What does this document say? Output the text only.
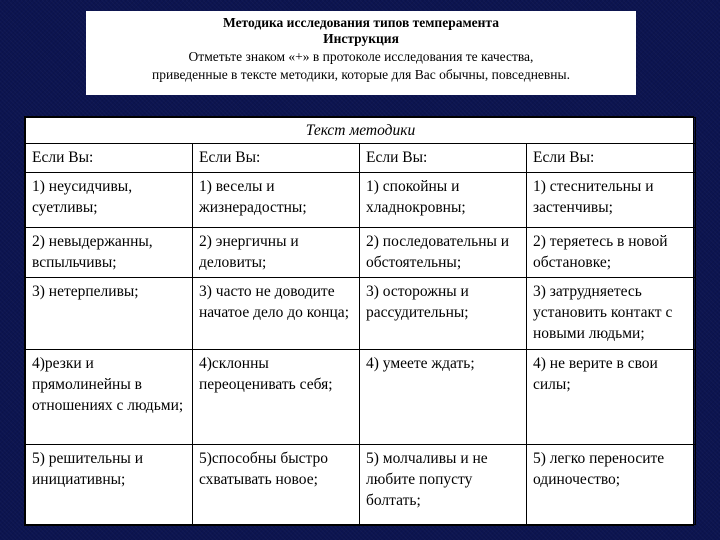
Методика исследования типов темперамента
Инструкция
Отметьте знаком «+» в протоколе исследования те качества,
приведенные в тексте методики, которые для Вас обычны, повседневны.
Текст методики			
Если Вы:	Если Вы:	Если Вы:	Если Вы:
1) неусидчивы, суетливы;	1) веселы и жизнерадостны;	1) спокойны и хладнокровны;	1) стеснительны и застенчивы;
2) невыдержанны, вспыльчивы;	2) энергичны и деловиты;	2) последовательны и обстоятельны;	2) теряетесь в новой обстановке;
3) нетерпеливы;	3) часто не доводите начатое дело до конца;	3) осторожны и рассудительны;	3) затрудняетесь установить контакт с новыми людьми;
4)резки и прямолинейны в отношениях с людьми;	4)склонны переоценивать себя;	4) умеете ждать;	4) не верите в свои силы;
5) решительны и инициативны;	5)способны быстро схватывать новое;	5) молчаливы и не любите попусту болтать;	5) легко переносите одиночество;
